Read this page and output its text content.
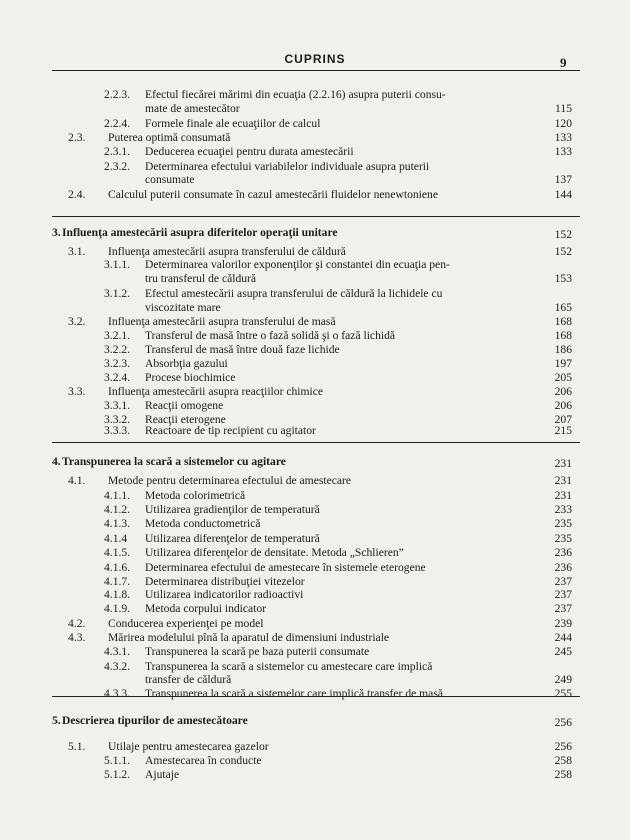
CUPRINS	9
2.2.3. Efectul fiecărei mărimi din ecuaţia (2.2.16) asupra puterii consu-
mate de amestecător	115
2.2.4. Formele finale ale ecuaţiilor de calcul	120
2.3. Puterea optimă consumată	133
2.3.1. Deducerea ecuaţiei pentru durata amestecării	133
2.3.2. Determinarea efectului variabilelor individuale asupra puterii
consumate	137
2.4. Calculul puterii consumate în cazul amestecării fluidelor nenewtoniene	144
3. Influenţa amestecării asupra diferitelor operaţii unitare	152
3.1. Influenţa amestecării asupra transferului de căldură	152
3.1.1. Determinarea valorilor exponenţilor şi constantei din ecuaţia pen-
tru transferul de căldură	153
3.1.2. Efectul amestecării asupra transferului de căldură la lichidele cu
viscozitate mare	165
3.2. Influenţa amestecării asupra transferului de masă	168
3.2.1. Transferul de masă între o fază solidă şi o fază lichidă	168
3.2.2. Transferul de masă între două faze lichide	186
3.2.3. Absorbţia gazului	197
3.2.4. Procese biochimice	205
3.3. Influenţa amestecării asupra reacţiilor chimice	206
3.3.1. Reacţii omogene	206
3.3.2. Reacţii eterogene	207
3.3.3. Reactoare de tip recipient cu agitator	215
4. Transpunerea la scară a sistemelor cu agitare	231
4.1. Metode pentru determinarea efectului de amestecare	231
4.1.1. Metoda colorimetrică	231
4.1.2. Utilizarea gradienţilor de temperatură	233
4.1.3. Metoda conductometrică	235
4.1.4 Utilizarea diferenţelor de temperatură	235
4.1.5. Utilizarea diferenţelor de densitate. Metoda „Schlieren”	236
4.1.6. Determinarea efectului de amestecare în sistemele eterogene	236
4.1.7. Determinarea distribuţiei vitezelor	237
4.1.8. Utilizarea indicatorilor radioactivi	237
4.1.9. Metoda corpului indicator	237
4.2. Conducerea experienţei pe model	239
4.3. Mărirea modelului pînă la aparatul de dimensiuni industriale	244
4.3.1. Transpunerea la scară pe baza puterii consumate	245
4.3.2. Transpunerea la scară a sistemelor cu amestecare care implică
transfer de căldură	249
4.3.3. Transpunerea la scară a sistemelor care implică transfer de masă	255
5. Descrierea tipurilor de amestecătoare	256
5.1. Utilaje pentru amestecarea gazelor	256
5.1.1. Amestecarea în conducte	258
5.1.2. Ajutaje	258
